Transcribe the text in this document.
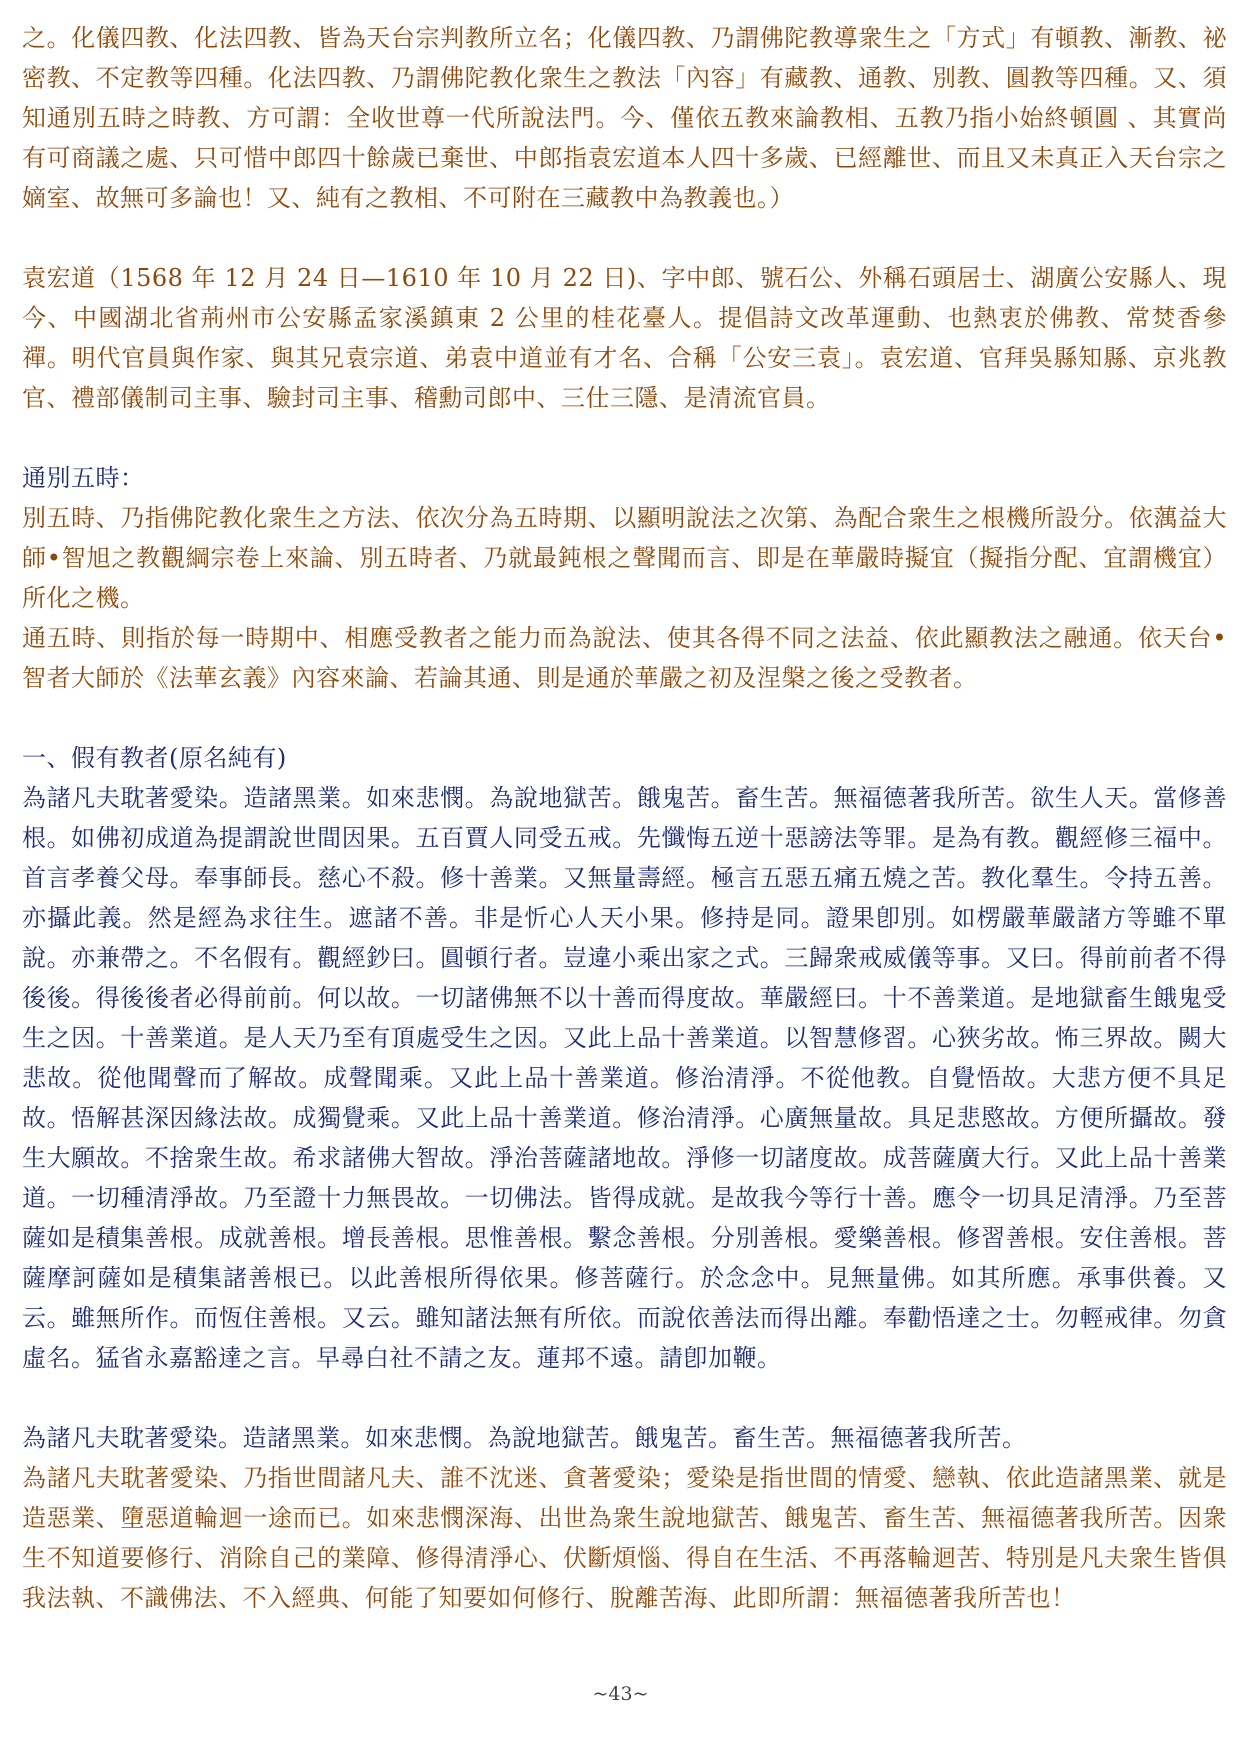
之。化儀四教、化法四教、皆為天台宗判教所立名；化儀四教、乃謂佛陀教導衆生之「方式」有頓教、漸教、祕密教、不定教等四種。化法四教、乃謂佛陀教化衆生之教法「內容」有藏教、通教、別教、圓教等四種。又、須知通別五時之時教、方可謂：全收世尊一代所說法門。今、僅依五教來論教相、五教乃指小始終頓圓 、其實尚有可商議之處、只可惜中郎四十餘歲已棄世、中郎指袁宏道本人四十多歲、已經離世、而且又未真正入天台宗之嫡室、故無可多論也！又、純有之教相、不可附在三藏教中為教義也。）

袁宏道（1568 年 12 月 24 日—1610 年 10 月 22 日)、字中郎、號石公、外稱石頭居士、湖廣公安縣人、現今、中國湖北省荊州市公安縣孟家溪鎮東 2 公里的桂花臺人。提倡詩文改革運動、也熱衷於佛教、常焚香參禪。明代官員與作家、與其兄袁宗道、弟袁中道並有才名、合稱「公安三袁」。袁宏道、官拜吳縣知縣、京兆教官、禮部儀制司主事、驗封司主事、稽勳司郎中、三仕三隱、是清流官員。

通別五時：

別五時、乃指佛陀教化衆生之方法、依次分為五時期、以顯明說法之次第、為配合衆生之根機所設分。依蕅益大師•智旭之教觀綱宗卷上來論、別五時者、乃就最鈍根之聲聞而言、即是在華嚴時擬宜（擬指分配、宜謂機宜）所化之機。

通五時、則指於每一時期中、相應受教者之能力而為說法、使其各得不同之法益、依此顯教法之融通。依天台•智者大師於《法華玄義》內容來論、若論其通、則是通於華嚴之初及涅槃之後之受教者。

一、假有教者(原名純有)

為諸凡夫耽著愛染。造諸黑業。如來悲憫。為說地獄苦。餓鬼苦。畜生苦。無福德著我所苦。欲生人天。當修善根。如佛初成道為提謂說世間因果。五百賈人同受五戒。先懺悔五逆十惡謗法等罪。是為有教。觀經修三福中。首言孝養父母。奉事師長。慈心不殺。修十善業。又無量壽經。極言五惡五痛五燒之苦。教化羣生。令持五善。亦攝此義。然是經為求往生。遮諸不善。非是忻心人天小果。修持是同。證果卽別。如楞嚴華嚴諸方等雖不單說。亦兼帶之。不名假有。觀經鈔曰。圓頓行者。豈違小乘出家之式。三歸衆戒威儀等事。又曰。得前前者不得後後。得後後者必得前前。何以故。一切諸佛無不以十善而得度故。華嚴經曰。十不善業道。是地獄畜生餓鬼受生之因。十善業道。是人天乃至有頂處受生之因。又此上品十善業道。以智慧修習。心狹劣故。怖三界故。闕大悲故。從他聞聲而了解故。成聲聞乘。又此上品十善業道。修治清淨。不從他教。自覺悟故。大悲方便不具足故。悟解甚深因緣法故。成獨覺乘。又此上品十善業道。修治清淨。心廣無量故。具足悲愍故。方便所攝故。發生大願故。不捨衆生故。希求諸佛大智故。淨治菩薩諸地故。淨修一切諸度故。成菩薩廣大行。又此上品十善業道。一切種清淨故。乃至證十力無畏故。一切佛法。皆得成就。是故我今等行十善。應令一切具足清淨。乃至菩薩如是積集善根。成就善根。增長善根。思惟善根。繫念善根。分別善根。愛樂善根。修習善根。安住善根。菩薩摩訶薩如是積集諸善根已。以此善根所得依果。修菩薩行。於念念中。見無量佛。如其所應。承事供養。又云。雖無所作。而恆住善根。又云。雖知諸法無有所依。而說依善法而得出離。奉勸悟達之士。勿輕戒律。勿貪虛名。猛省永嘉豁達之言。早尋白社不請之友。蓮邦不遠。請卽加鞭。

為諸凡夫耽著愛染。造諸黑業。如來悲憫。為說地獄苦。餓鬼苦。畜生苦。無福德著我所苦。

為諸凡夫耽著愛染、乃指世間諸凡夫、誰不沈迷、貪著愛染；愛染是指世間的情愛、戀執、依此造諸黑業、就是造惡業、墮惡道輪迴一途而已。如來悲憫深海、出世為衆生說地獄苦、餓鬼苦、畜生苦、無福德著我所苦。因衆生不知道要修行、消除自己的業障、修得清淨心、伏斷煩惱、得自在生活、不再落輪迴苦、特別是凡夫衆生皆俱我法執、不識佛法、不入經典、何能了知要如何修行、脫離苦海、此即所謂：無福德著我所苦也！

~43~
